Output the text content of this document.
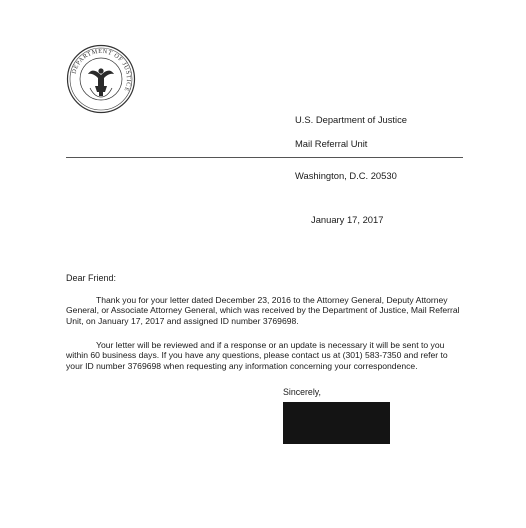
DEPARTMENT OF JUSTICE
U.S. Department of Justice
Mail Referral Unit
Washington, D.C. 20530
January 17, 2017
Dear Friend:
Thank you for your letter dated December 23, 2016 to the Attorney General, Deputy Attorney General, or Associate Attorney General, which was received by the Department of Justice, Mail Referral Unit, on January 17, 2017 and assigned ID number 3769698.
Your letter will be reviewed and if a response or an update is necessary it will be sent to you within 60 business days. If you have any questions, please contact us at (301) 583-7350 and refer to your ID number 3769698 when requesting any information concerning your correspondence.
Sincerely,
